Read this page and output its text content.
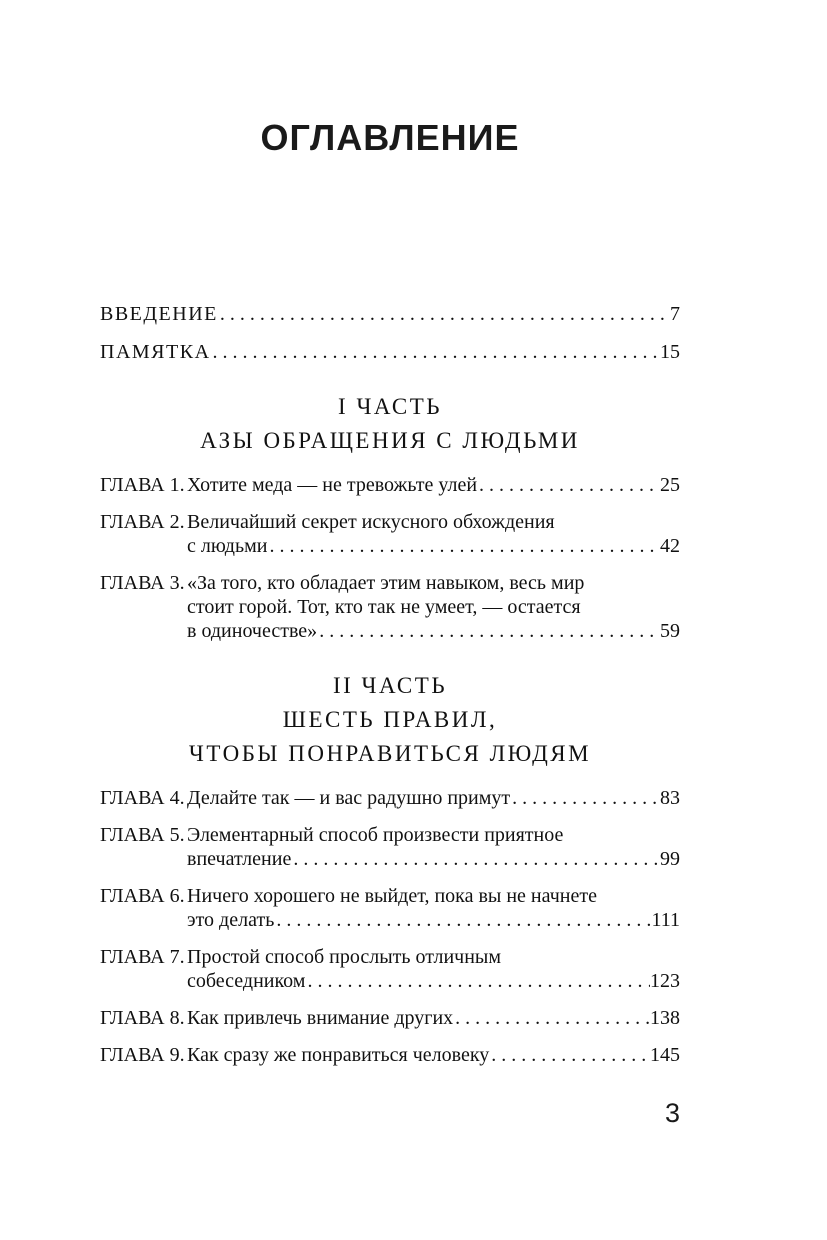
ОГЛАВЛЕНИЕ
ВВЕДЕНИЕ . . .	7
ПАМЯТКА . . .	15
I ЧАСТЬ
АЗЫ ОБРАЩЕНИЯ С ЛЮДЬМИ
ГЛАВА 1. Хотите меда — не тревожьте улей . . .	25
ГЛАВА 2. Величайший секрет искусного обхождения
с людьми . . .	42
ГЛАВА 3. «За того, кто обладает этим навыком, весь мир
стоит горой. Тот, кто так не умеет, — остается
в одиночестве» . . .	59
II ЧАСТЬ
ШЕСТЬ ПРАВИЛ,
ЧТОБЫ ПОНРАВИТЬСЯ ЛЮДЯМ
ГЛАВА 4. Делайте так — и вас радушно примут . . .	83
ГЛАВА 5. Элементарный способ произвести приятное
впечатление . . .	99
ГЛАВА 6. Ничего хорошего не выйдет, пока вы не начнете
это делать . . .	111
ГЛАВА 7. Простой способ прослыть отличным
собеседником . . .	123
ГЛАВА 8. Как привлечь внимание других . . .	138
ГЛАВА 9. Как сразу же понравиться человеку . . .	145
3
